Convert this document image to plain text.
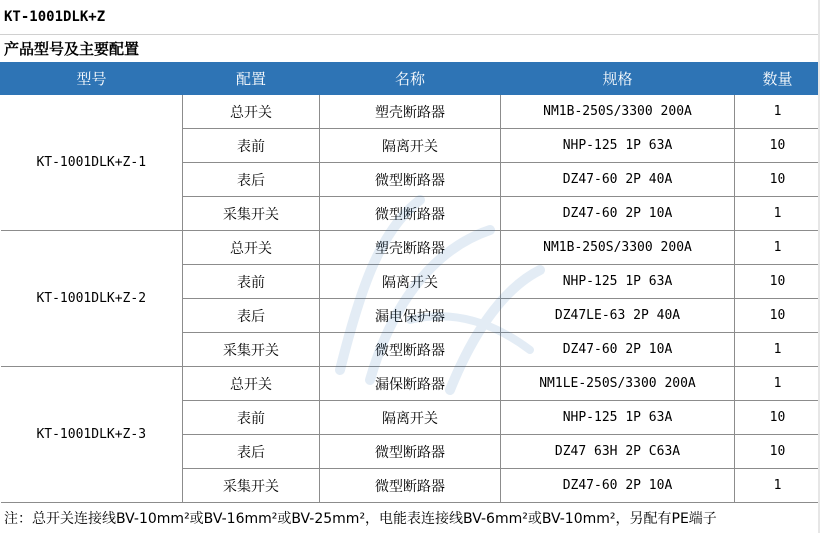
KT-1001DLK+Z
产品型号及主要配置
型号	配置	名称	规格	数量
KT-1001DLK+Z-1	总开关	塑壳断路器	NM1B-250S/3300 200A	1
	表前	隔离开关	NHP-125 1P 63A	10
	表后	微型断路器	DZ47-60 2P 40A	10
	采集开关	微型断路器	DZ47-60 2P 10A	1
KT-1001DLK+Z-2	总开关	塑壳断路器	NM1B-250S/3300 200A	1
	表前	隔离开关	NHP-125 1P 63A	10
	表后	漏电保护器	DZ47LE-63 2P 40A	10
	采集开关	微型断路器	DZ47-60 2P 10A	1
KT-1001DLK+Z-3	总开关	漏保断路器	NM1LE-250S/3300 200A	1
	表前	隔离开关	NHP-125 1P 63A	10
	表后	微型断路器	DZ47 63H 2P C63A	10
	采集开关	微型断路器	DZ47-60 2P 10A	1
注：总开关连接线BV-10mm²或BV-16mm²或BV-25mm²，电能表连接线BV-6mm²或BV-10mm²，另配有PE端子
